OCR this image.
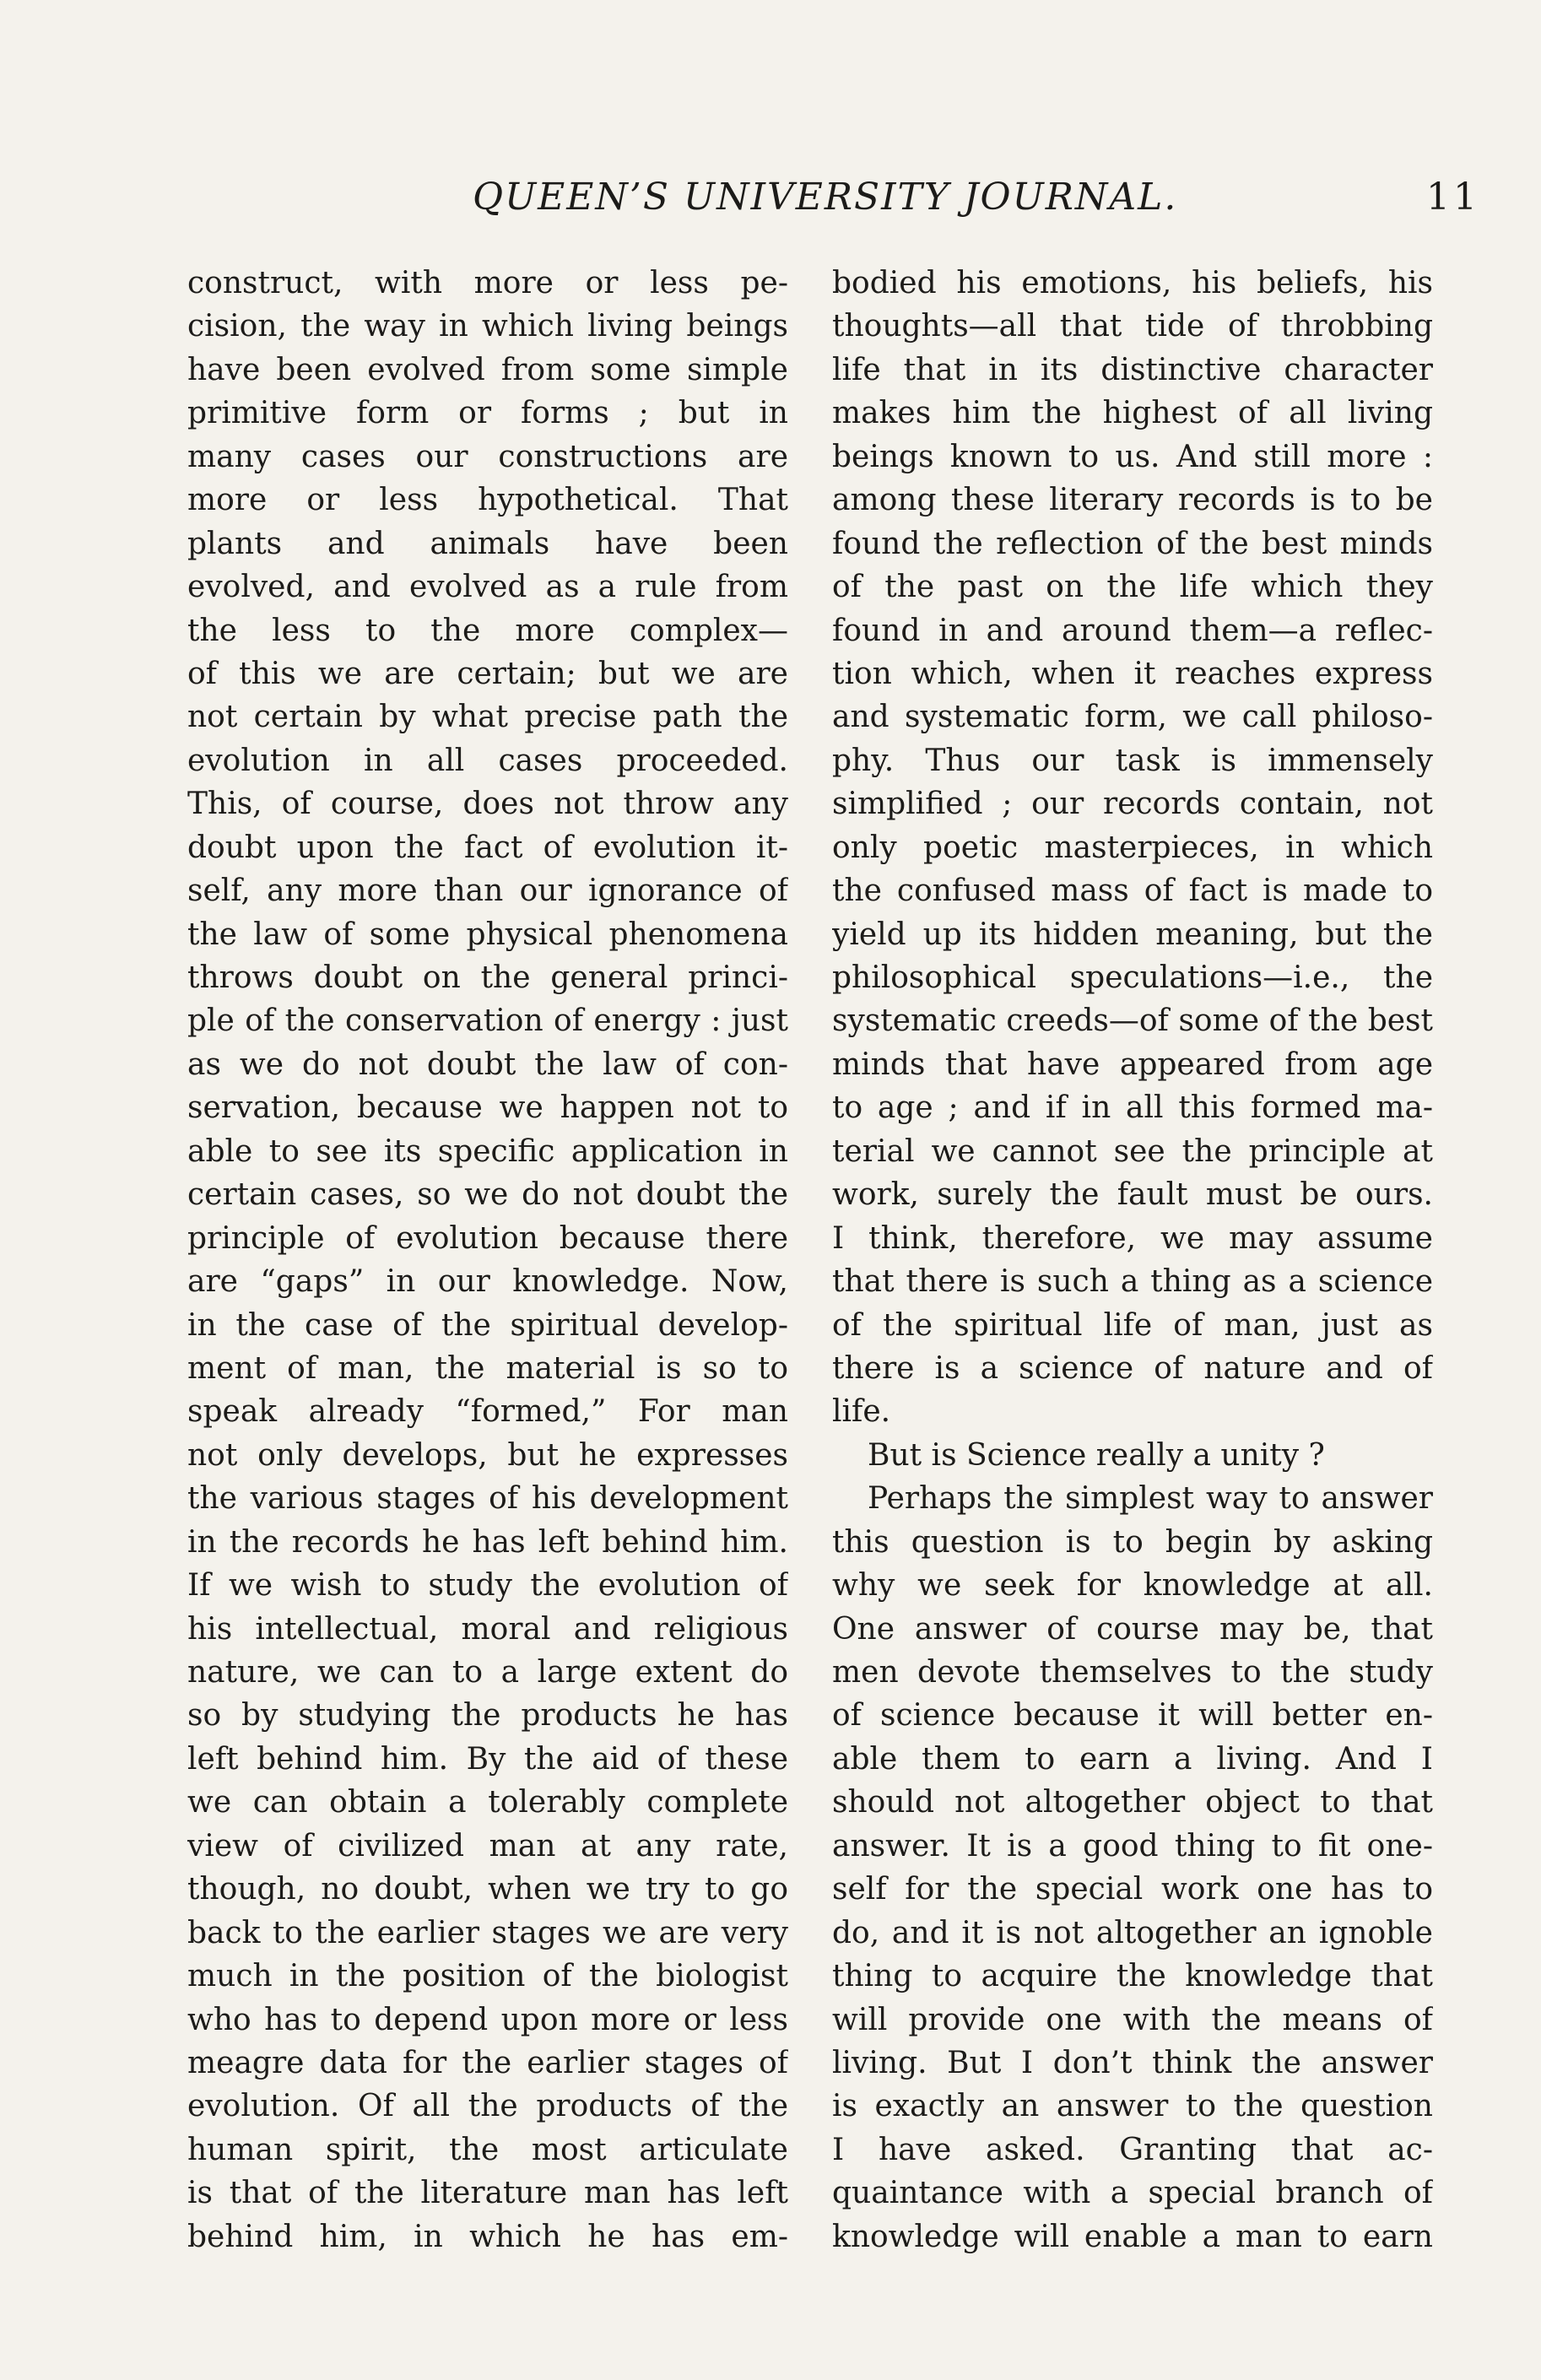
QUEEN’S UNIVERSITY JOURNAL.	11
construct, with more or less pe-
cision, the way in which living beings
have been evolved from some simple
primitive form or forms ; but in
many cases our constructions are
more or less hypothetical. That
plants and animals have been
evolved, and evolved as a rule from
the less to the more complex—
of this we are certain; but we are
not certain by what precise path the
evolution in all cases proceeded.
This, of course, does not throw any
doubt upon the fact of evolution it-
self, any more than our ignorance of
the law of some physical phenomena
throws doubt on the general princi-
ple of the conservation of energy : just
as we do not doubt the law of con-
servation, because we happen not to
able to see its specific application in
certain cases, so we do not doubt the
principle of evolution because there
are “gaps” in our knowledge. Now,
in the case of the spiritual develop-
ment of man, the material is so to
speak already “formed,” For man
not only develops, but he expresses
the various stages of his development
in the records he has left behind him.
If we wish to study the evolution of
his intellectual, moral and religious
nature, we can to a large extent do
so by studying the products he has
left behind him. By the aid of these
we can obtain a tolerably complete
view of civilized man at any rate,
though, no doubt, when we try to go
back to the earlier stages we are very
much in the position of the biologist
who has to depend upon more or less
meagre data for the earlier stages of
evolution. Of all the products of the
human spirit, the most articulate
is that of the literature man has left
behind him, in which he has em-
bodied his emotions, his beliefs, his
thoughts—all that tide of throbbing
life that in its distinctive character
makes him the highest of all living
beings known to us. And still more :
among these literary records is to be
found the reflection of the best minds
of the past on the life which they
found in and around them—a reflec-
tion which, when it reaches express
and systematic form, we call philoso-
phy. Thus our task is immensely
simplified ; our records contain, not
only poetic masterpieces, in which
the confused mass of fact is made to
yield up its hidden meaning, but the
philosophical speculations—i.e., the
systematic creeds—of some of the best
minds that have appeared from age
to age ; and if in all this formed ma-
terial we cannot see the principle at
work, surely the fault must be ours.
I think, therefore, we may assume
that there is such a thing as a science
of the spiritual life of man, just as
there is a science of nature and of
life.
But is Science really a unity ?
Perhaps the simplest way to answer
this question is to begin by asking
why we seek for knowledge at all.
One answer of course may be, that
men devote themselves to the study
of science because it will better en-
able them to earn a living. And I
should not altogether object to that
answer. It is a good thing to fit one-
self for the special work one has to
do, and it is not altogether an ignoble
thing to acquire the knowledge that
will provide one with the means of
living. But I don’t think the answer
is exactly an answer to the question
I have asked. Granting that ac-
quaintance with a special branch of
knowledge will enable a man to earn
